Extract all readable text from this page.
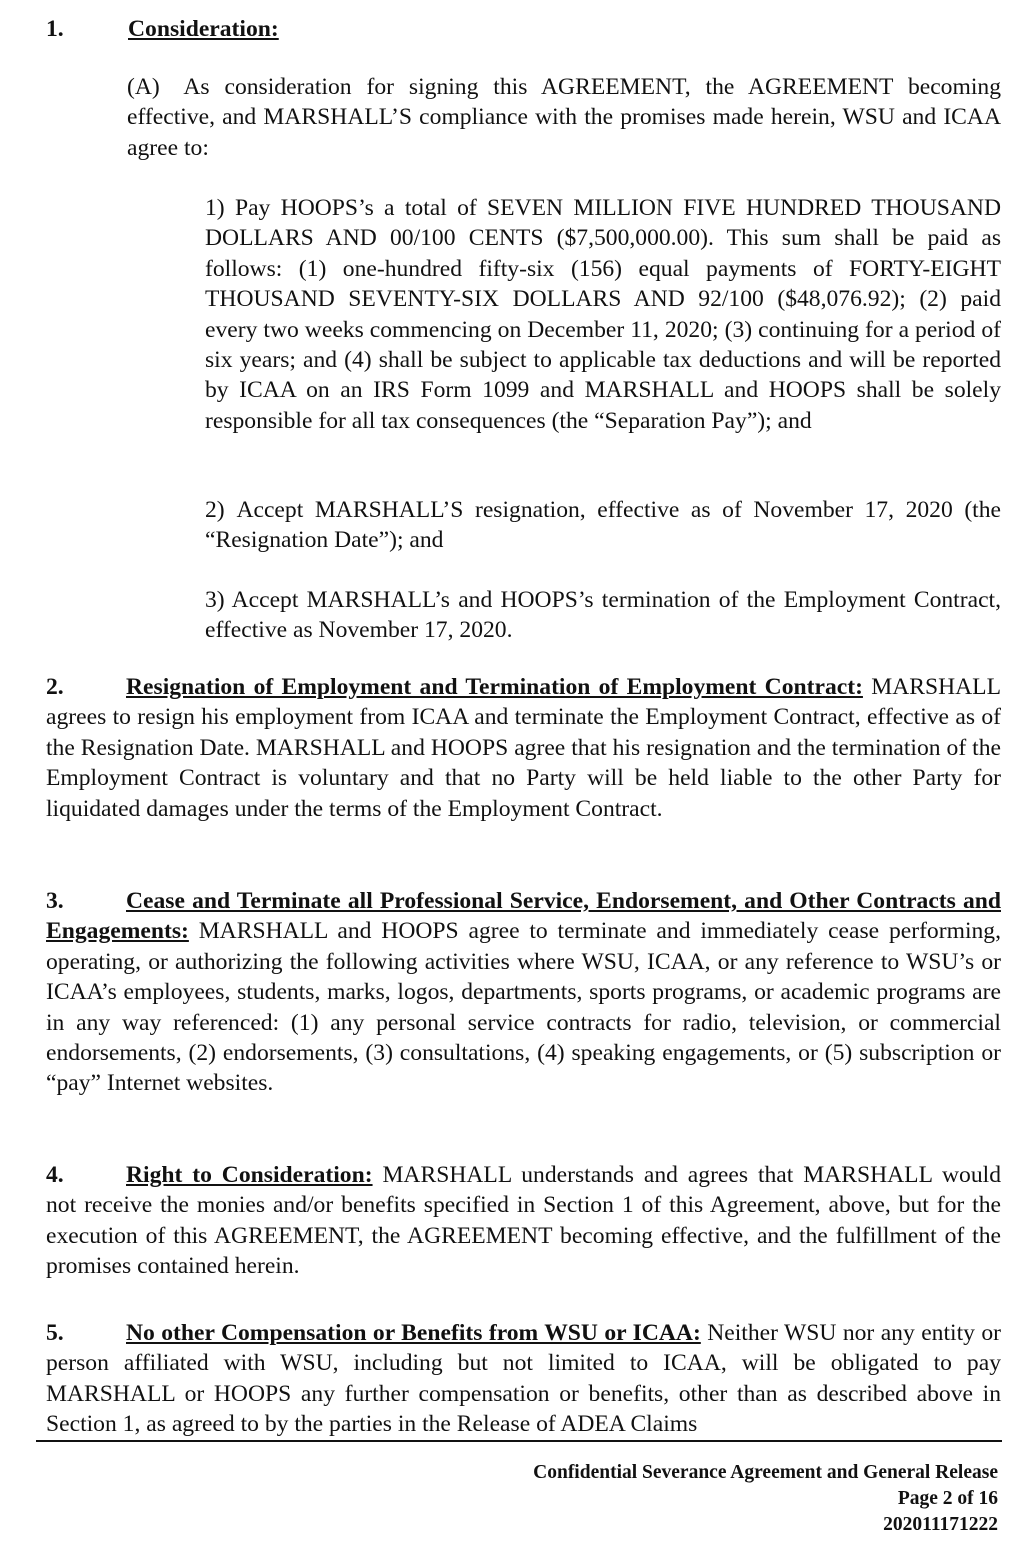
1.	Consideration:
(A) As consideration for signing this AGREEMENT, the AGREEMENT becoming effective, and MARSHALL’S compliance with the promises made herein, WSU and ICAA agree to:
1) Pay HOOPS’s a total of SEVEN MILLION FIVE HUNDRED THOUSAND DOLLARS AND 00/100 CENTS ($7,500,000.00). This sum shall be paid as follows: (1) one-hundred fifty-six (156) equal payments of FORTY-EIGHT THOUSAND SEVENTY-SIX DOLLARS AND 92/100 ($48,076.92); (2) paid every two weeks commencing on December 11, 2020; (3) continuing for a period of six years; and (4) shall be subject to applicable tax deductions and will be reported by ICAA on an IRS Form 1099 and MARSHALL and HOOPS shall be solely responsible for all tax consequences (the “Separation Pay”); and
2) Accept MARSHALL’S resignation, effective as of November 17, 2020 (the “Resignation Date”); and
3) Accept MARSHALL’s and HOOPS’s termination of the Employment Contract, effective as November 17, 2020.
2.	Resignation of Employment and Termination of Employment Contract: MARSHALL agrees to resign his employment from ICAA and terminate the Employment Contract, effective as of the Resignation Date. MARSHALL and HOOPS agree that his resignation and the termination of the Employment Contract is voluntary and that no Party will be held liable to the other Party for liquidated damages under the terms of the Employment Contract.
3.	Cease and Terminate all Professional Service, Endorsement, and Other Contracts and Engagements: MARSHALL and HOOPS agree to terminate and immediately cease performing, operating, or authorizing the following activities where WSU, ICAA, or any reference to WSU’s or ICAA’s employees, students, marks, logos, departments, sports programs, or academic programs are in any way referenced: (1) any personal service contracts for radio, television, or commercial endorsements, (2) endorsements, (3) consultations, (4) speaking engagements, or (5) subscription or “pay” Internet websites.
4.	Right to Consideration: MARSHALL understands and agrees that MARSHALL would not receive the monies and/or benefits specified in Section 1 of this Agreement, above, but for the execution of this AGREEMENT, the AGREEMENT becoming effective, and the fulfillment of the promises contained herein.
5.	No other Compensation or Benefits from WSU or ICAA: Neither WSU nor any entity or person affiliated with WSU, including but not limited to ICAA, will be obligated to pay MARSHALL or HOOPS any further compensation or benefits, other than as described above in Section 1, as agreed to by the parties in the Release of ADEA Claims
Confidential Severance Agreement and General Release
Page 2 of 16
202011171222
